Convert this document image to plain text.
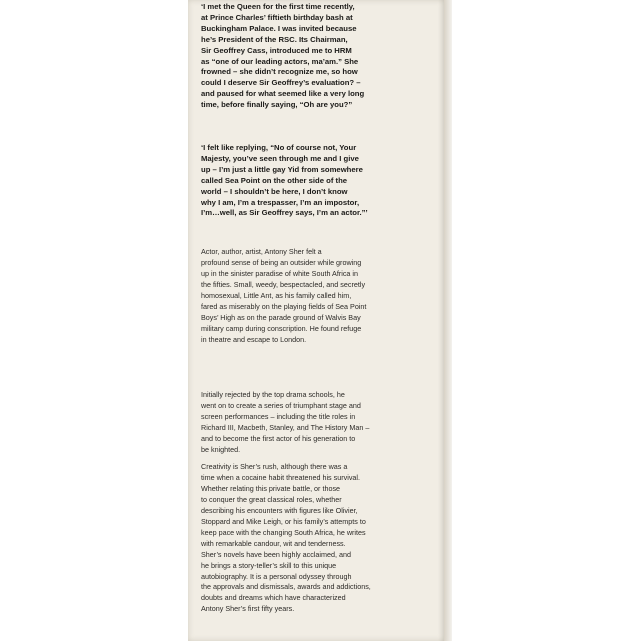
‘I met the Queen for the first time recently,
at Prince Charles’ fiftieth birthday bash at
Buckingham Palace. I was invited because
he’s President of the RSC. Its Chairman,
Sir Geoffrey Cass, introduced me to HRM
as “one of our leading actors, ma’am.” She
frowned – she didn’t recognize me, so how
could I deserve Sir Geoffrey’s evaluation? –
and paused for what seemed like a very long
time, before finally saying, “Oh are you?”
‘I felt like replying, “No of course not, Your
Majesty, you’ve seen through me and I give
up – I’m just a little gay Yid from somewhere
called Sea Point on the other side of the
world – I shouldn’t be here, I don’t know
why I am, I’m a trespasser, I’m an impostor,
I’m…well, as Sir Geoffrey says, I’m an actor.”’
Actor, author, artist, Antony Sher felt a
profound sense of being an outsider while growing
up in the sinister paradise of white South Africa in
the fifties. Small, weedy, bespectacled, and secretly
homosexual, Little Ant, as his family called him,
fared as miserably on the playing fields of Sea Point
Boys’ High as on the parade ground of Walvis Bay
military camp during conscription. He found refuge
in theatre and escape to London.
Initially rejected by the top drama schools, he
went on to create a series of triumphant stage and
screen performances – including the title roles in
Richard III, Macbeth, Stanley, and The History Man –
and to become the first actor of his generation to
be knighted.
Creativity is Sher’s rush, although there was a
time when a cocaine habit threatened his survival.
Whether relating this private battle, or those
to conquer the great classical roles, whether
describing his encounters with figures like Olivier,
Stoppard and Mike Leigh, or his family’s attempts to
keep pace with the changing South Africa, he writes
with remarkable candour, wit and tenderness.
Sher’s novels have been highly acclaimed, and
he brings a story-teller’s skill to this unique
autobiography. It is a personal odyssey through
the approvals and dismissals, awards and addictions,
doubts and dreams which have characterized
Antony Sher’s first fifty years.
